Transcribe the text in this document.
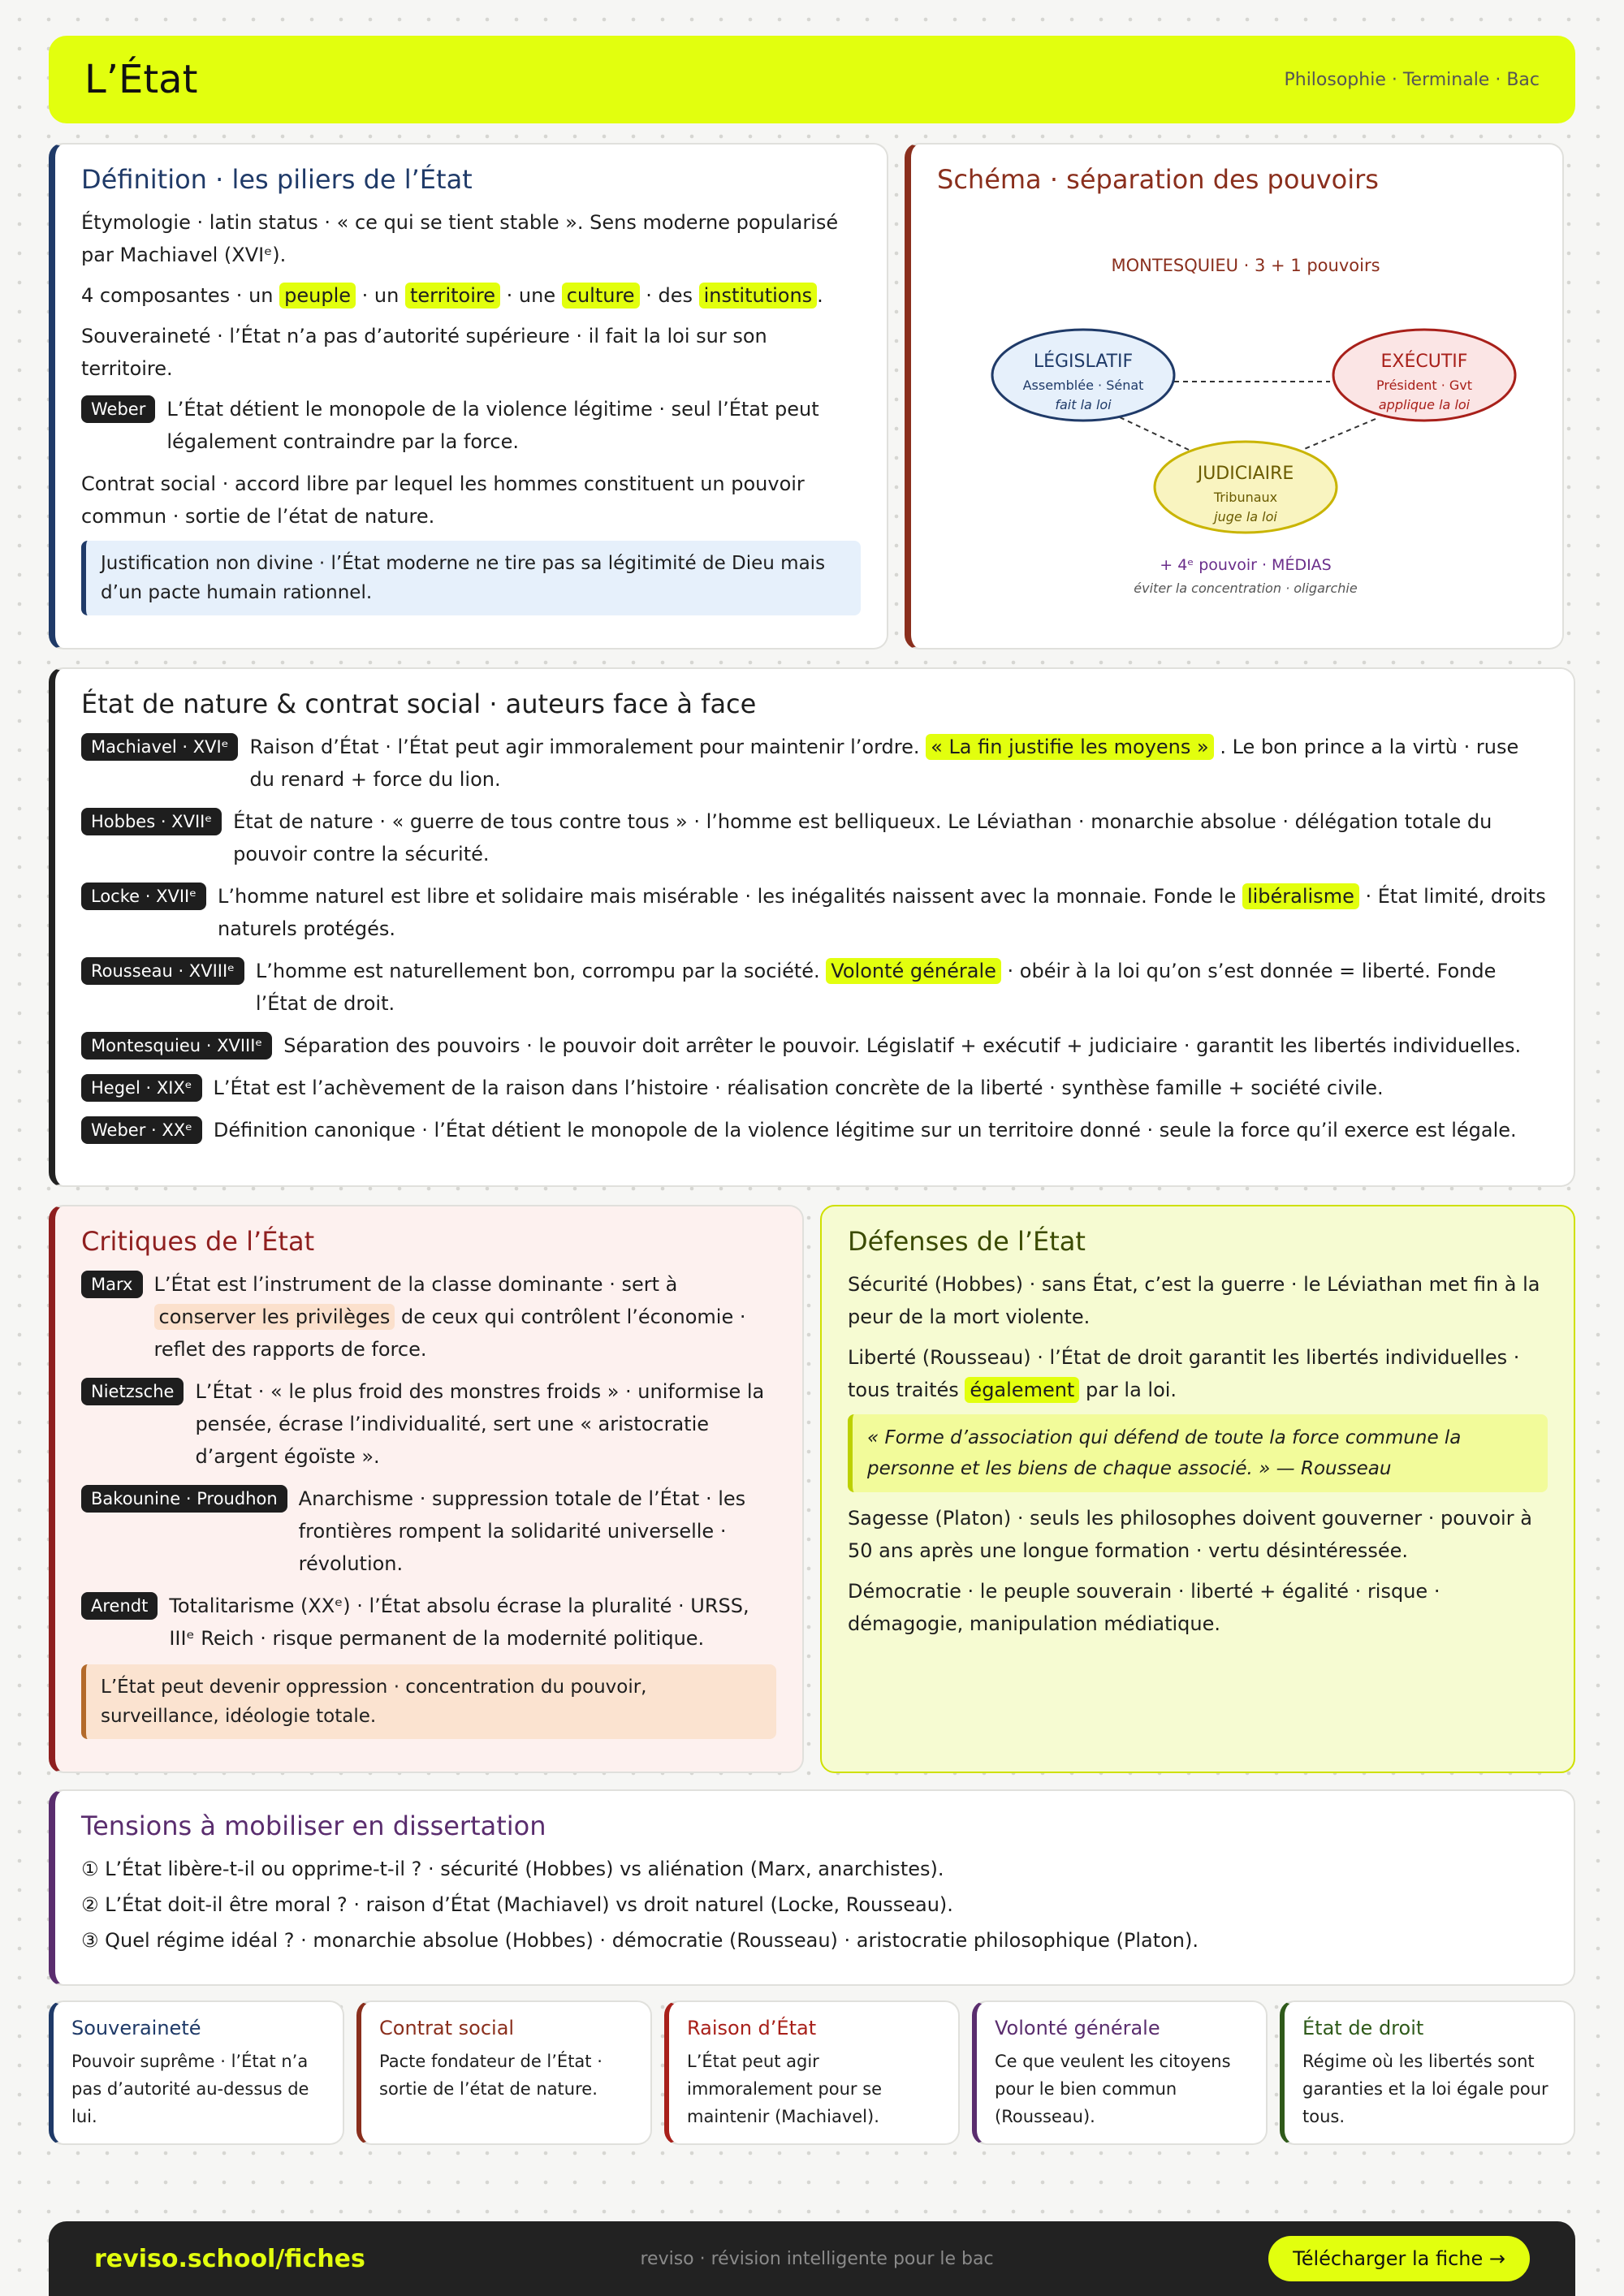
L’État	Philosophie · Terminale · Bac
Définition · les piliers de l’État

Étymologie · latin status · « ce qui se tient stable ». Sens moderne popularisé par Machiavel (XVIᵉ).

4 composantes · un peuple · un territoire · une culture · des institutions .

Souveraineté · l’État n’a pas d’autorité supérieure · il fait la loi sur son territoire.

Weber	L’État détient le monopole de la violence légitime · seul l’État peut légalement contraindre par la force.

Contrat social · accord libre par lequel les hommes constituent un pouvoir commun · sortie de l’état de nature.

Justification non divine · l’État moderne ne tire pas sa légitimité de Dieu mais d’un pacte humain rationnel.
Schéma · séparation des pouvoirs
MONTESQUIEU · 3 + 1 pouvoirs
LÉGISLATIF
Assemblée · Sénat
fait la loi
EXÉCUTIF
Président · Gvt
applique la loi
JUDICIAIRE
Tribunaux
juge la loi
+ 4ᵉ pouvoir · MÉDIAS
éviter la concentration · oligarchie
État de nature & contrat social · auteurs face à face
Machiavel · XVIᵉ	Raison d’État · l’État peut agir immoralement pour maintenir l’ordre. « La fin justifie les moyens » . Le bon prince a la virtù · ruse du renard + force du lion.
Hobbes · XVIIᵉ	État de nature · « guerre de tous contre tous » · l’homme est belliqueux. Le Léviathan · monarchie absolue · délégation totale du pouvoir contre la sécurité.
Locke · XVIIᵉ	L’homme naturel est libre et solidaire mais misérable · les inégalités naissent avec la monnaie. Fonde le libéralisme · État limité, droits naturels protégés.
Rousseau · XVIIIᵉ	L’homme est naturellement bon, corrompu par la société. Volonté générale · obéir à la loi qu’on s’est donnée = liberté. Fonde l’État de droit.
Montesquieu · XVIIIᵉ	Séparation des pouvoirs · le pouvoir doit arrêter le pouvoir. Législatif + exécutif + judiciaire · garantit les libertés individuelles.
Hegel · XIXᵉ	L’État est l’achèvement de la raison dans l’histoire · réalisation concrète de la liberté · synthèse famille + société civile.
Weber · XXᵉ	Définition canonique · l’État détient le monopole de la violence légitime sur un territoire donné · seule la force qu’il exerce est légale.
Critiques de l’État
Marx	L’État est l’instrument de la classe dominante · sert à conserver les privilèges de ceux qui contrôlent l’économie · reflet des rapports de force.
Nietzsche	L’État · « le plus froid des monstres froids » · uniformise la pensée, écrase l’individualité, sert une « aristocratie d’argent égoïste ».
Bakounine · Proudhon	Anarchisme · suppression totale de l’État · les frontières rompent la solidarité universelle · révolution.
Arendt	Totalitarisme (XXᵉ) · l’État absolu écrase la pluralité · URSS, IIIᵉ Reich · risque permanent de la modernité politique.
L’État peut devenir oppression · concentration du pouvoir, surveillance, idéologie totale.
Défenses de l’État

Sécurité (Hobbes) · sans État, c’est la guerre · le Léviathan met fin à la peur de la mort violente.

Liberté (Rousseau) · l’État de droit garantit les libertés individuelles · tous traités également par la loi.

« Forme d’association qui défend de toute la force commune la personne et les biens de chaque associé. » — Rousseau

Sagesse (Platon) · seuls les philosophes doivent gouverner · pouvoir à 50 ans après une longue formation · vertu désintéressée.

Démocratie · le peuple souverain · liberté + égalité · risque · démagogie, manipulation médiatique.

Tensions à mobiliser en dissertation

① L’État libère-t-il ou opprime-t-il ? · sécurité (Hobbes) vs aliénation (Marx, anarchistes).

② L’État doit-il être moral ? · raison d’État (Machiavel) vs droit naturel (Locke, Rousseau).

③ Quel régime idéal ? · monarchie absolue (Hobbes) · démocratie (Rousseau) · aristocratie philosophique (Platon).

Souveraineté
Pouvoir suprême · l’État n’a pas d’autorité au-dessus de lui.
Contrat social
Pacte fondateur de l’État · sortie de l’état de nature.
Raison d’État
L’État peut agir immoralement pour se maintenir (Machiavel).
Volonté générale
Ce que veulent les citoyens pour le bien commun (Rousseau).
État de droit
Régime où les libertés sont garanties et la loi égale pour tous.
reviso.school/fiches	reviso · révision intelligente pour le bac	Télécharger la fiche →
